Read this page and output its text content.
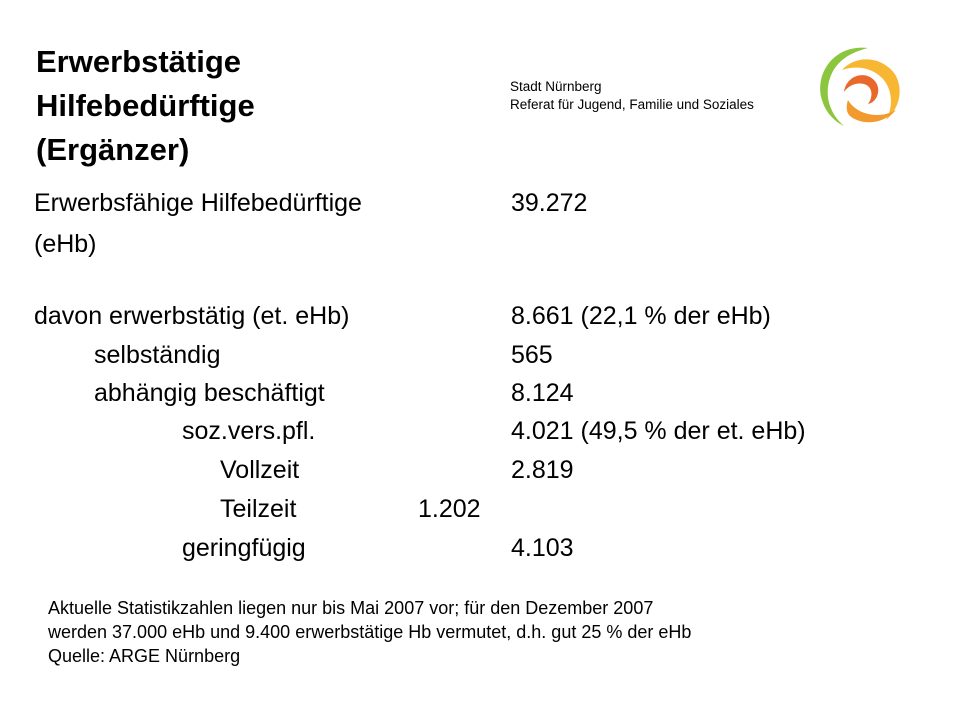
Erwerbstätige
Hilfebedürftige
(Ergänzer)
Stadt Nürnberg
Referat für Jugend, Familie und Soziales
Erwerbsfähige Hilfebedürftige	39.272
(eHb)
davon erwerbstätig (et. eHb)	8.661 (22,1 % der eHb)
selbständig	565
abhängig beschäftigt	8.124
soz.vers.pfl.	4.021 (49,5 % der et. eHb)
Vollzeit	2.819
Teilzeit	1.202
geringfügig	4.103
Aktuelle Statistikzahlen liegen nur bis Mai 2007 vor; für den Dezember 2007
werden 37.000 eHb und 9.400 erwerbstätige Hb vermutet, d.h. gut 25 % der eHb
Quelle: ARGE Nürnberg
